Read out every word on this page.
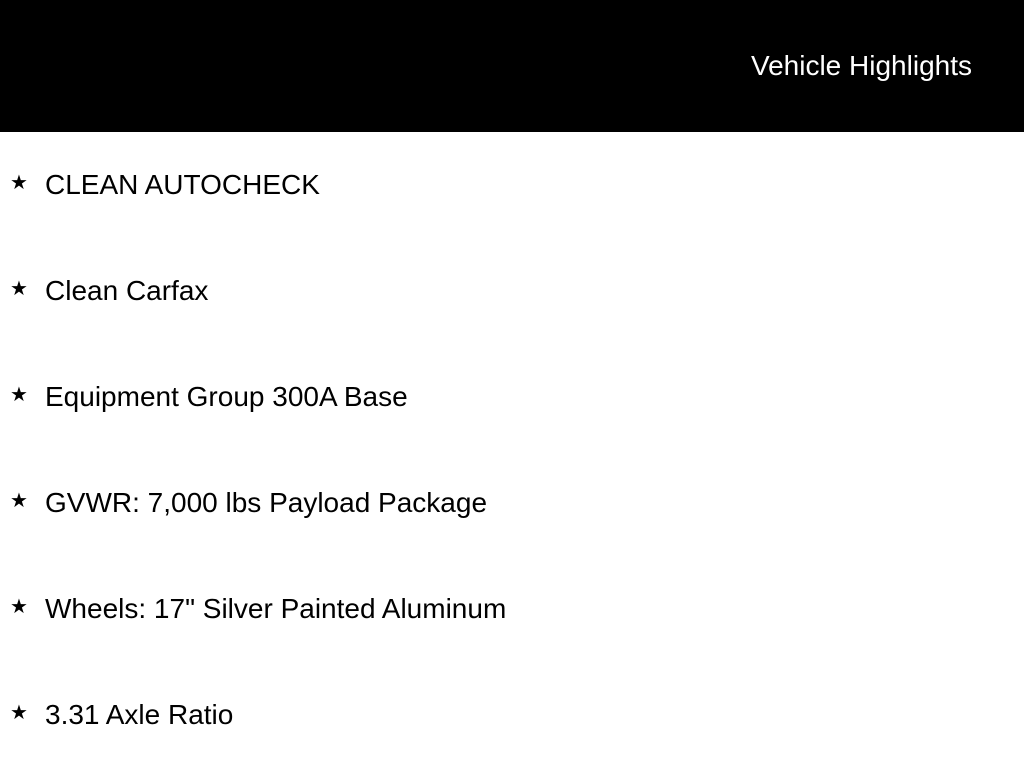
Vehicle Highlights
★ CLEAN AUTOCHECK
★ Clean Carfax
★ Equipment Group 300A Base
★ GVWR: 7,000 lbs Payload Package
★ Wheels: 17" Silver Painted Aluminum
★ 3.31 Axle Ratio
